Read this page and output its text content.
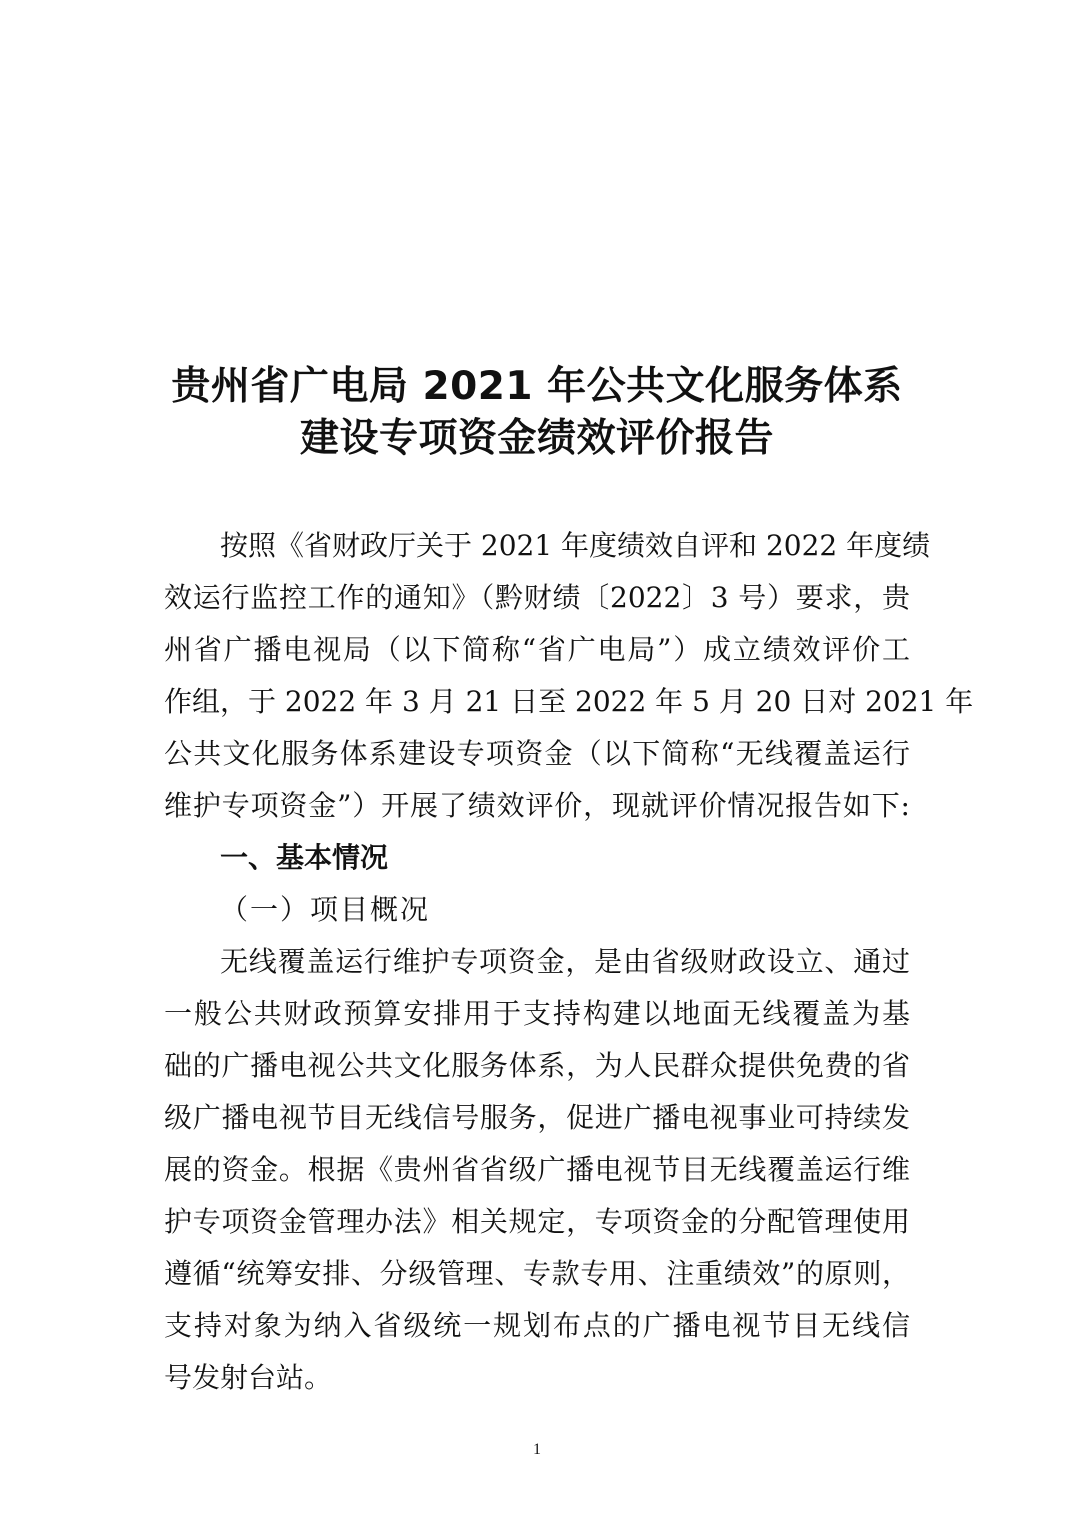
贵州省广电局 2021 年公共文化服务体系
建设专项资金绩效评价报告
按照《省财政厅关于 2021 年度绩效自评和 2022 年度绩
效运行监控工作的通知》（黔财绩〔2022〕3 号）要求，贵
州省广播电视局（以下简称“省广电局”）成立绩效评价工
作组，于 2022 年 3 月 21 日至 2022 年 5 月 20 日对 2021 年
公共文化服务体系建设专项资金（以下简称“无线覆盖运行
维护专项资金”）开展了绩效评价，现就评价情况报告如下:
一、基本情况
（一）项目概况
无线覆盖运行维护专项资金，是由省级财政设立、通过
一般公共财政预算安排用于支持构建以地面无线覆盖为基
础的广播电视公共文化服务体系，为人民群众提供免费的省
级广播电视节目无线信号服务，促进广播电视事业可持续发
展的资金。根据《贵州省省级广播电视节目无线覆盖运行维
护专项资金管理办法》相关规定，专项资金的分配管理使用
遵循“统筹安排、分级管理、专款专用、注重绩效”的原则，
支持对象为纳入省级统一规划布点的广播电视节目无线信
号发射台站。
1
